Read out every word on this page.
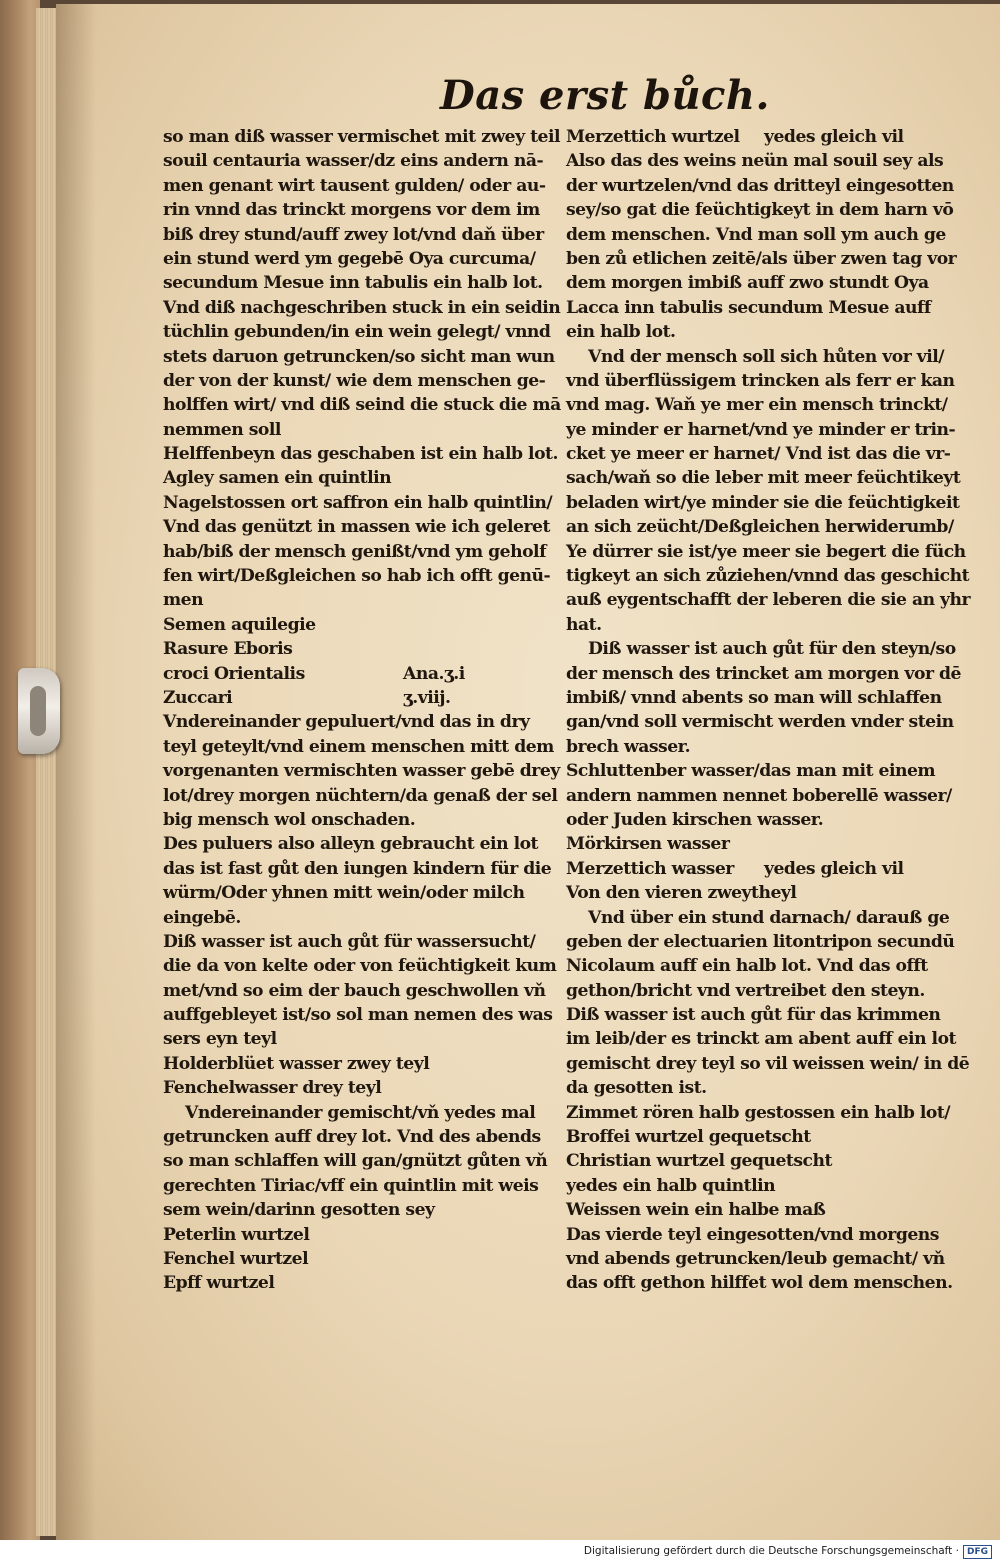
Das erst bůch.
so man diß wasser vermischet mit zwey teil
souil centauria wasser/dz eins andern nā-
men genant wirt tausent gulden/ oder au-
rin vnnd das trinckt morgens vor dem im
biß drey stund/auff zwey lot/vnd daň über
ein stund werd ym gegebē Oya curcuma/
secundum Mesue inn tabulis ein halb lot.
Vnd diß nachgeschriben stuck in ein seidin
tüchlin gebunden/in ein wein gelegt/ vnnd
stets daruon getruncken/so sicht man wun
der von der kunst/ wie dem menschen ge-
holffen wirt/ vnd diß seind die stuck die mā
nemmen soll
Helffenbeyn das geschaben ist ein halb lot.
Agley samen ein quintlin
Nagelstossen ort saffron ein halb quintlin/
Vnd das genützt in massen wie ich geleret
hab/biß der mensch genißt/vnd ym geholf
fen wirt/Deßgleichen so hab ich offt genū-
men
Semen aquilegie
Rasure Eboris
croci Orientalis	Ana.ʒ.i
Zuccari	ʒ.viij.
Vndereinander gepuluert/vnd das in dry
teyl geteylt/vnd einem menschen mitt dem
vorgenanten vermischten wasser gebē drey
lot/drey morgen nüchtern/da genaß der sel
big mensch wol onschaden.
Des puluers also alleyn gebraucht ein lot
das ist fast gůt den iungen kindern für die
würm/Oder yhnen mitt wein/oder milch
eingebē.
Diß wasser ist auch gůt für wassersucht/
die da von kelte oder von feüchtigkeit kum
met/vnd so eim der bauch geschwollen vň
auffgebleyet ist/so sol man nemen des was
sers eyn teyl
Holderblüet wasser zwey teyl
Fenchelwasser drey teyl
Vndereinander gemischt/vň yedes mal
getruncken auff drey lot. Vnd des abends
so man schlaffen will gan/gnützt gůten vň
gerechten Tiriac/vff ein quintlin mit weis
sem wein/darinn gesotten sey
Peterlin wurtzel
Fenchel wurtzel
Epff wurtzel
Merzettich wurtzel yedes gleich vil
Also das des weins neün mal souil sey als
der wurtzelen/vnd das dritteyl eingesotten
sey/so gat die feüchtigkeyt in dem harn vō
dem menschen. Vnd man soll ym auch ge
ben zů etlichen zeitē/als über zwen tag vor
dem morgen imbiß auff zwo stundt Oya
Lacca inn tabulis secundum Mesue auff
ein halb lot.
Vnd der mensch soll sich hůten vor vil/
vnd überflüssigem trincken als ferr er kan
vnd mag. Waň ye mer ein mensch trinckt/
ye minder er harnet/vnd ye minder er trin-
cket ye meer er harnet/ Vnd ist das die vr-
sach/waň so die leber mit meer feüchtikeyt
beladen wirt/ye minder sie die feüchtigkeit
an sich zeücht/Deßgleichen herwiderumb/
Ye dürrer sie ist/ye meer sie begert die füch
tigkeyt an sich zůziehen/vnnd das geschicht
auß eygentschafft der leberen die sie an yhr
hat.
Diß wasser ist auch gůt für den steyn/so
der mensch des trincket am morgen vor dē
imbiß/ vnnd abents so man will schlaffen
gan/vnd soll vermischt werden vnder stein
brech wasser.
Schluttenber wasser/das man mit einem
andern nammen nennet boberellē wasser/
oder Juden kirschen wasser.
Mörkirsen wasser
Merzettich wasser yedes gleich vil
Von den vieren zweytheyl
Vnd über ein stund darnach/ darauß ge
geben der electuarien litontripon secundū
Nicolaum auff ein halb lot. Vnd das offt
gethon/bricht vnd vertreibet den steyn.
Diß wasser ist auch gůt für das krimmen
im leib/der es trinckt am abent auff ein lot
gemischt drey teyl so vil weissen wein/ in dē
da gesotten ist.
Zimmet rören halb gestossen ein halb lot/
Broffei wurtzel gequetscht
Christian wurtzel gequetscht
yedes ein halb quintlin
Weissen wein ein halbe maß
Das vierde teyl eingesotten/vnd morgens
vnd abends getruncken/leub gemacht/ vň
das offt gethon hilffet wol dem menschen.
Digitalisierung gefördert durch die Deutsche Forschungsgemeinschaft · DFG
